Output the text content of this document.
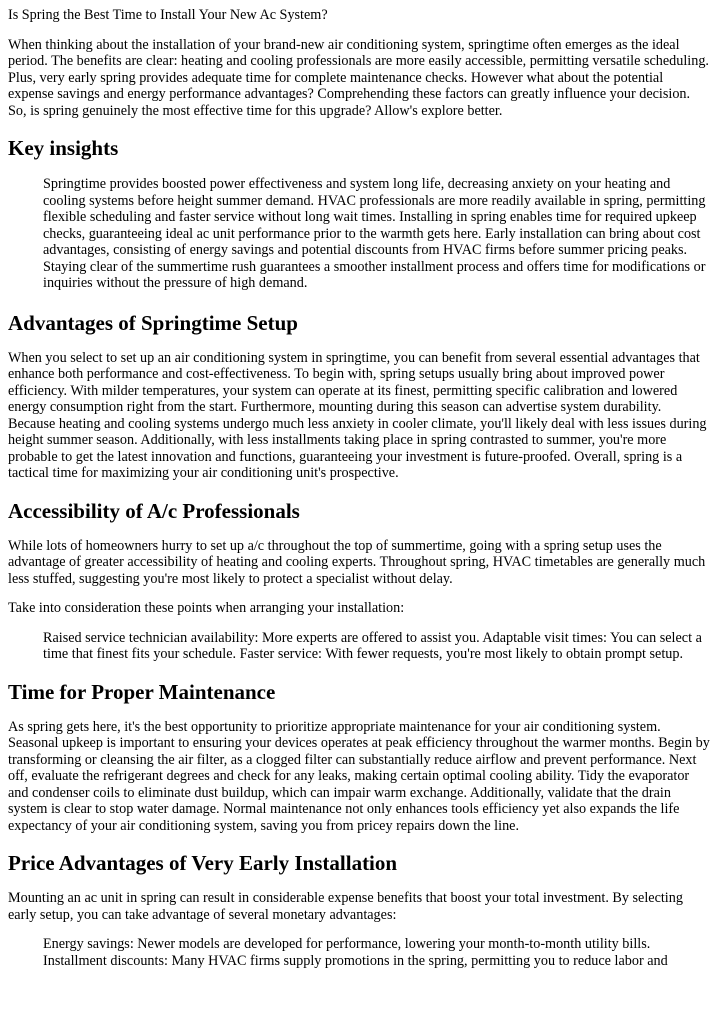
Is Spring the Best Time to Install Your New Ac System?

When thinking about the installation of your brand-new air conditioning system, springtime often emerges as the ideal period. The benefits are clear: heating and cooling professionals are more easily accessible, permitting versatile scheduling. Plus, very early spring provides adequate time for complete maintenance checks. However what about the potential expense savings and energy performance advantages? Comprehending these factors can greatly influence your decision. So, is spring genuinely the most effective time for this upgrade? Allow's explore better.

Key insights

Springtime provides boosted power effectiveness and system long life, decreasing anxiety on your heating and cooling systems before height summer demand. HVAC professionals are more readily available in spring, permitting flexible scheduling and faster service without long wait times. Installing in spring enables time for required upkeep checks, guaranteeing ideal ac unit performance prior to the warmth gets here. Early installation can bring about cost advantages, consisting of energy savings and potential discounts from HVAC firms before summer pricing peaks. Staying clear of the summertime rush guarantees a smoother installment process and offers time for modifications or inquiries without the pressure of high demand.

Advantages of Springtime Setup

When you select to set up an air conditioning system in springtime, you can benefit from several essential advantages that enhance both performance and cost-effectiveness. To begin with, spring setups usually bring about improved power efficiency. With milder temperatures, your system can operate at its finest, permitting specific calibration and lowered energy consumption right from the start. Furthermore, mounting during this season can advertise system durability. Because heating and cooling systems undergo much less anxiety in cooler climate, you'll likely deal with less issues during height summer season. Additionally, with less installments taking place in spring contrasted to summer, you're more probable to get the latest innovation and functions, guaranteeing your investment is future-proofed. Overall, spring is a tactical time for maximizing your air conditioning unit's prospective.

Accessibility of A/c Professionals

While lots of homeowners hurry to set up a/c throughout the top of summertime, going with a spring setup uses the advantage of greater accessibility of heating and cooling experts. Throughout spring, HVAC timetables are generally much less stuffed, suggesting you're most likely to protect a specialist without delay.

Take into consideration these points when arranging your installation:

Raised service technician availability: More experts are offered to assist you. Adaptable visit times: You can select a time that finest fits your schedule. Faster service: With fewer requests, you're most likely to obtain prompt setup.

Time for Proper Maintenance

As spring gets here, it's the best opportunity to prioritize appropriate maintenance for your air conditioning system. Seasonal upkeep is important to ensuring your devices operates at peak efficiency throughout the warmer months. Begin by transforming or cleansing the air filter, as a clogged filter can substantially reduce airflow and prevent performance. Next off, evaluate the refrigerant degrees and check for any leaks, making certain optimal cooling ability. Tidy the evaporator and condenser coils to eliminate dust buildup, which can impair warm exchange. Additionally, validate that the drain system is clear to stop water damage. Normal maintenance not only enhances tools efficiency yet also expands the life expectancy of your air conditioning system, saving you from pricey repairs down the line.

Price Advantages of Very Early Installation

Mounting an ac unit in spring can result in considerable expense benefits that boost your total investment. By selecting early setup, you can take advantage of several monetary advantages:

Energy savings: Newer models are developed for performance, lowering your month-to-month utility bills. Installment discounts: Many HVAC firms supply promotions in the spring, permitting you to reduce labor and
